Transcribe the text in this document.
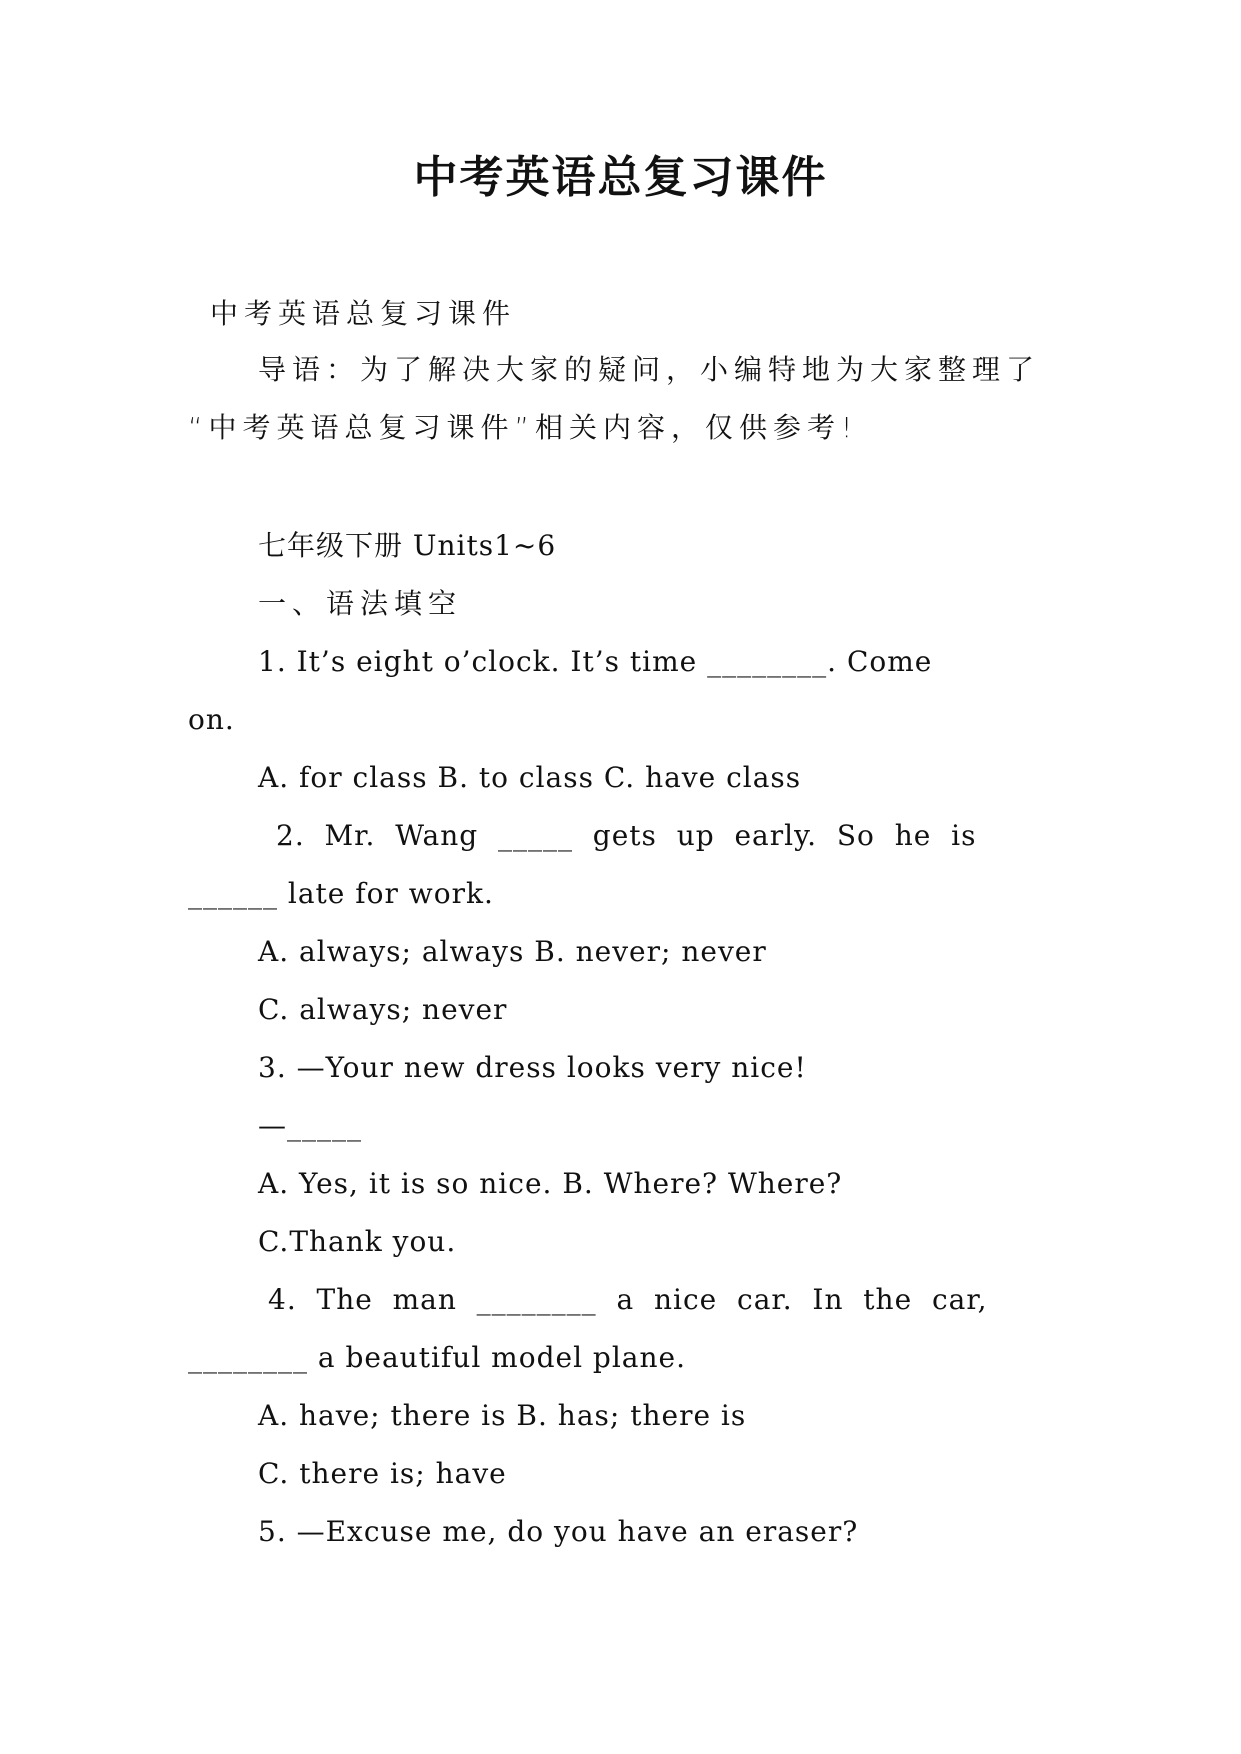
中考英语总复习课件
中考英语总复习课件
导语：为了解决大家的疑问，小编特地为大家整理了
“中考英语总复习课件”相关内容，仅供参考!
七年级下册 Units1~6
一、语法填空
1. It’s eight o’clock. It’s time ________. Come
on.
A. for class B. to class C. have class
2.  Mr.  Wang  _____  gets  up  early.  So  he  is
______ late for work.
A. always; always B. never; never
C. always; never
3. —Your new dress looks very nice!
—_____
A. Yes, it is so nice. B. Where? Where?
C.Thank you.
4.  The  man  ________  a  nice  car.  In  the  car,
________ a beautiful model plane.
A. have; there is B. has; there is
C. there is; have
5. —Excuse me, do you have an eraser?
